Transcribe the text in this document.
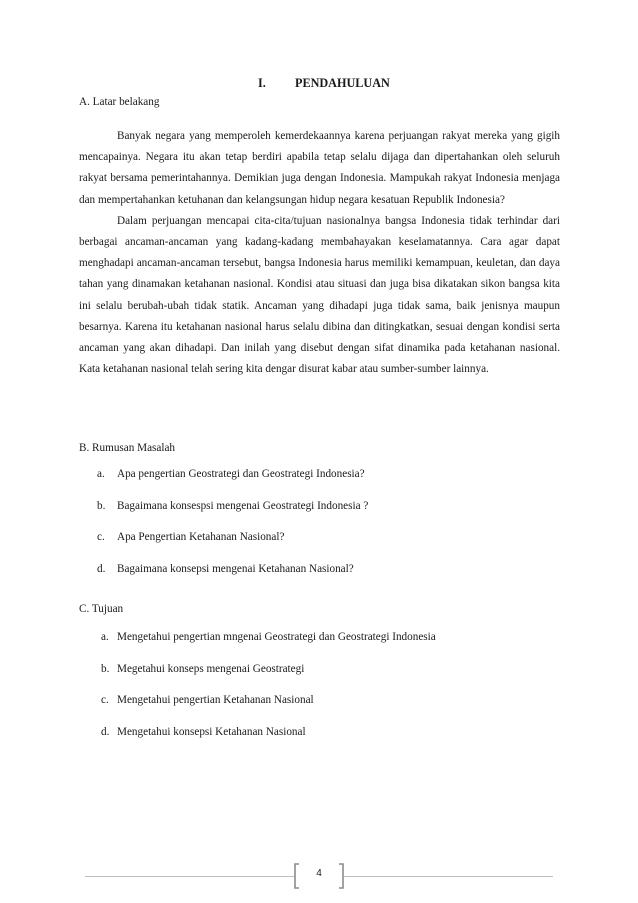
I. PENDAHULUAN
A. Latar belakang

Banyak negara yang memperoleh kemerdekaannya karena perjuangan rakyat mereka yang gigih mencapainya. Negara itu akan tetap berdiri apabila tetap selalu dijaga dan dipertahankan oleh seluruh rakyat bersama pemerintahannya. Demikian juga dengan Indonesia. Mampukah rakyat Indonesia menjaga dan mempertahankan ketuhanan dan kelangsungan hidup negara kesatuan Republik Indonesia?

Dalam perjuangan mencapai cita-cita/tujuan nasionalnya bangsa Indonesia tidak terhindar dari berbagai ancaman-ancaman yang kadang-kadang membahayakan keselamatannya. Cara agar dapat menghadapi ancaman-ancaman tersebut, bangsa Indonesia harus memiliki kemampuan, keuletan, dan daya tahan yang dinamakan ketahanan nasional. Kondisi atau situasi dan juga bisa dikatakan sikon bangsa kita ini selalu berubah-ubah tidak statik. Ancaman yang dihadapi juga tidak sama, baik jenisnya maupun besarnya. Karena itu ketahanan nasional harus selalu dibina dan ditingkatkan, sesuai dengan kondisi serta ancaman yang akan dihadapi. Dan inilah yang disebut dengan sifat dinamika pada ketahanan nasional. Kata ketahanan nasional telah sering kita dengar disurat kabar atau sumber-sumber lainnya.

B. Rumusan Masalah
a. Apa pengertian Geostrategi dan Geostrategi Indonesia?
b. Bagaimana konsespsi mengenai Geostrategi Indonesia ?
c. Apa Pengertian Ketahanan Nasional?
d. Bagaimana konsepsi mengenai Ketahanan Nasional?
C. Tujuan
a. Mengetahui pengertian mngenai Geostrategi dan Geostrategi Indonesia
b. Megetahui konseps mengenai Geostrategi
c. Mengetahui pengertian Ketahanan Nasional
d. Mengetahui konsepsi Ketahanan Nasional
4
